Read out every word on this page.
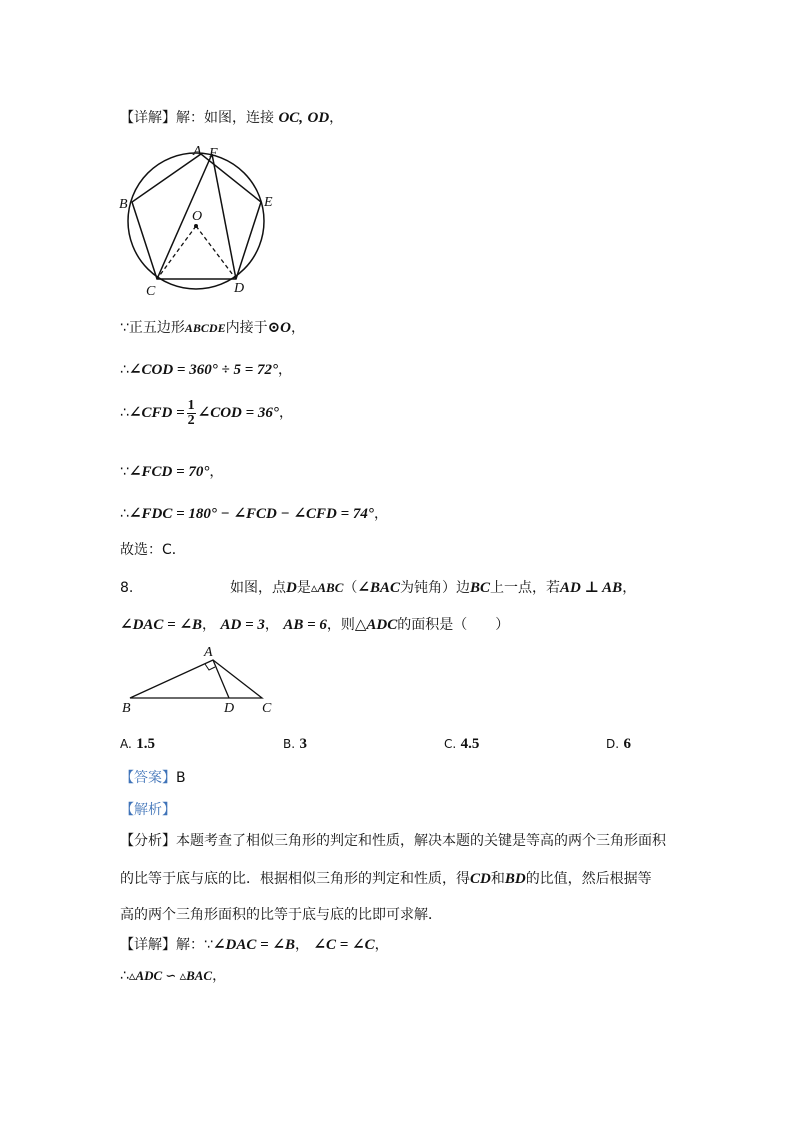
【详解】解：如图，连接 OC, OD，
A F
B	E
O
C	D
∵正五边形ABCDE内接于⊙O，
∴∠COD = 360° ÷ 5 = 72°，
∴∠CFD = $\frac{1}{2}$ ∠COD = 36°，
∵∠FCD = 70°，
∴∠FDC = 180° − ∠FCD − ∠CFD = 74°，
故选：C．
8.	如图，点D是▵ABC（∠BAC为钝角）边BC上一点，若AD ⊥ AB，
∠DAC = ∠B， AD = 3， AB = 6，则△ADC的面积是（　　）
A
B	D C
A. 1.5	B. 3	C. 4.5	D. 6
【答案】B
【解析】
【分析】本题考查了相似三角形的判定和性质，解决本题的关键是等高的两个三角形面积
的比等于底与底的比．根据相似三角形的判定和性质，得CD和BD的比值，然后根据等
高的两个三角形面积的比等于底与底的比即可求解．
【详解】解：∵∠DAC = ∠B， ∠C = ∠C，
∴▵ADC ∽ ▵BAC，
